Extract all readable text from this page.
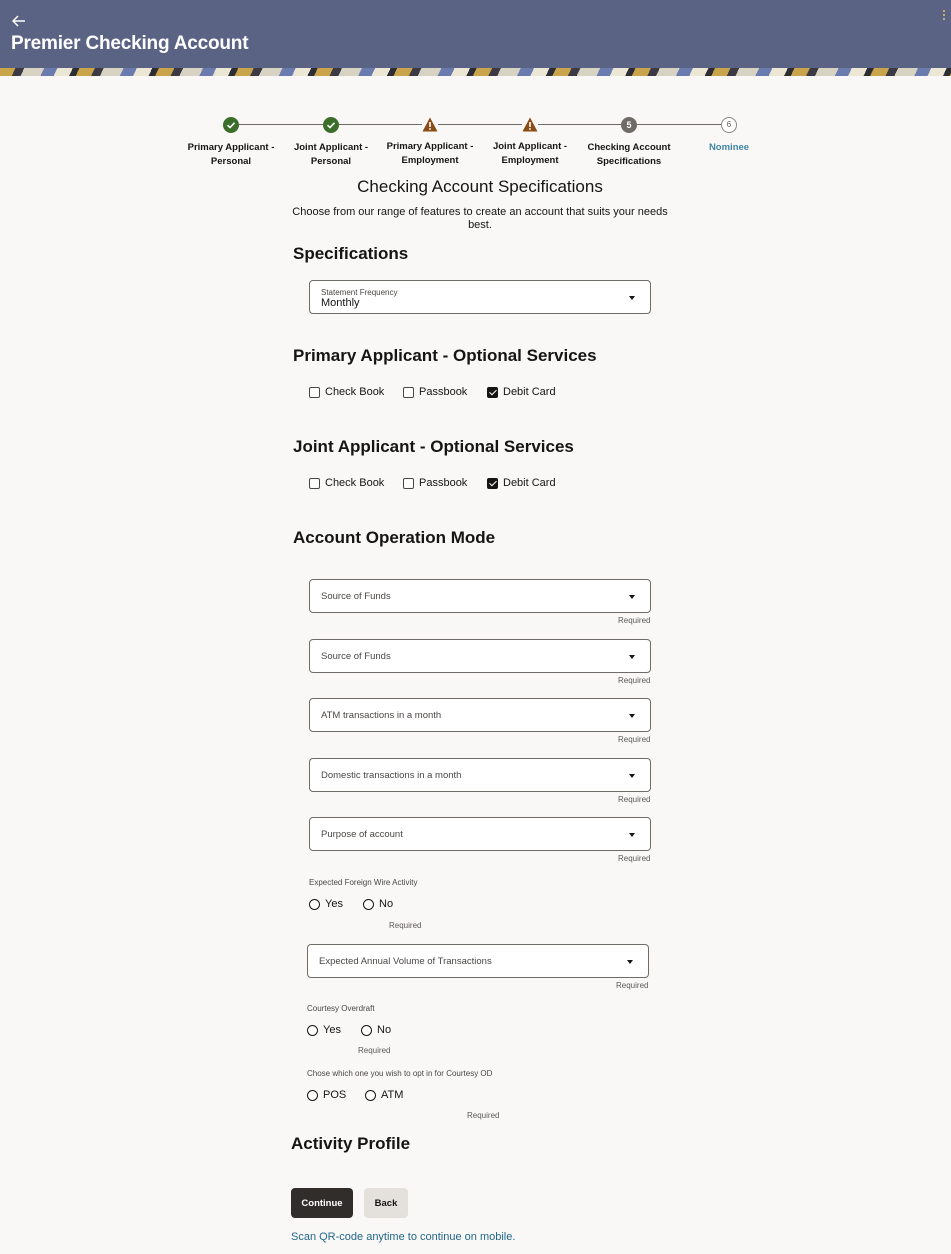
Premier Checking Account
Primary Applicant -
Personal
Joint Applicant -
Personal
Primary Applicant -
Employment
Joint Applicant -
Employment
5
Checking Account
Specifications
6
Nominee
Checking Account Specifications
Choose from our range of features to create an account that suits your needs best.
Specifications
Statement Frequency
Monthly
Primary Applicant - Optional Services
Check Book	Passbook	Debit Card
Joint Applicant - Optional Services
Check Book	Passbook	Debit Card
Account Operation Mode
Source of Funds
Required
Source of Funds
Required
ATM transactions in a month
Required
Domestic transactions in a month
Required
Purpose of account
Required
Expected Foreign Wire Activity
Yes	No
Required
Expected Annual Volume of Transactions
Required
Courtesy Overdraft
Yes	No
Required
Chose which one you wish to opt in for Courtesy OD
POS	ATM
Required
Activity Profile
Continue	Back
Scan QR-code anytime to continue on mobile.
